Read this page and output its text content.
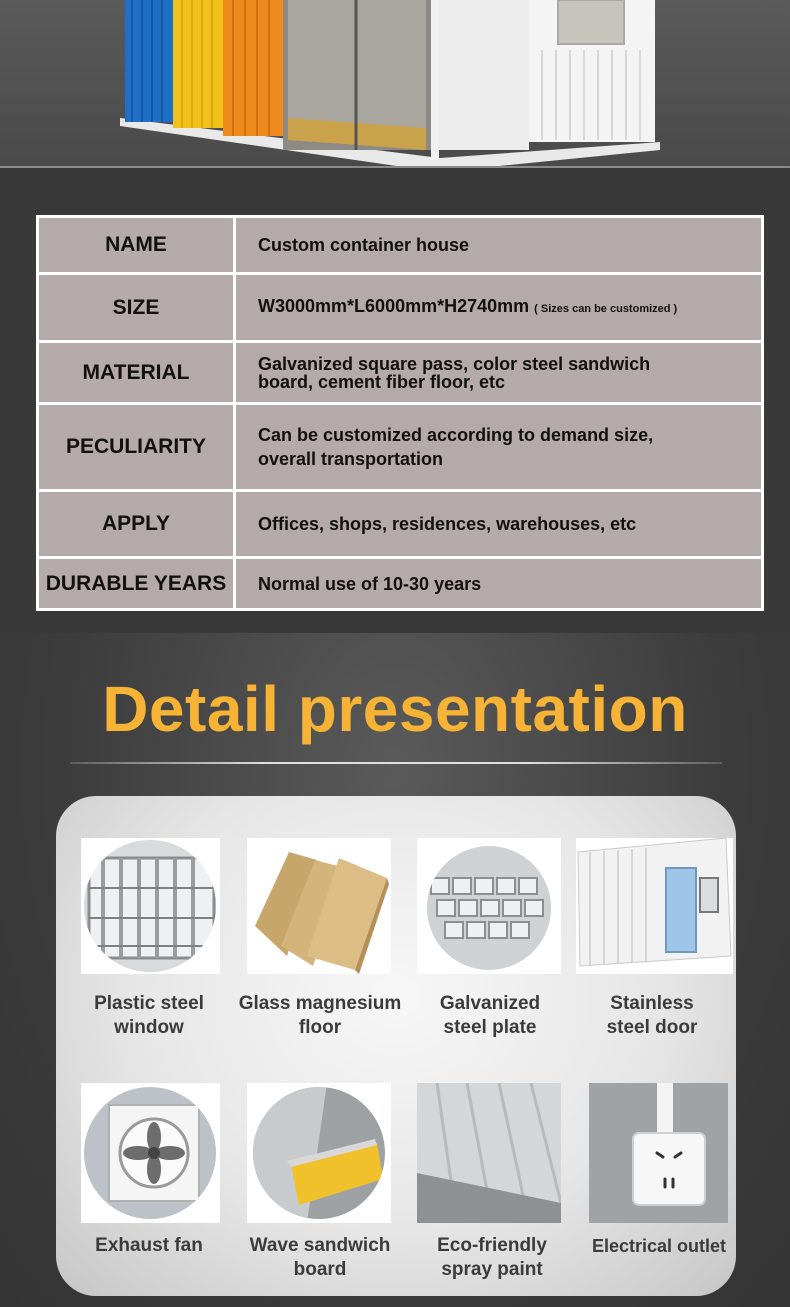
NAME	Custom container house
SIZE	W3000mm*L6000mm*H2740mm ( Sizes can be customized )
MATERIAL	Galvanized square pass, color steel sandwich
board, cement fiber floor, etc

PECULIARITY	Can be customized according to demand size,
overall transportation

APPLY	Offices, shops, residences, warehouses, etc
DURABLE YEARS	Normal use of 10-30 years
Detail presentation
Plastic steel
window
Glass magnesium
floor
Galvanized
steel plate
Stainless
steel door
Exhaust fan	Wave sandwich
board
Eco-friendly
spray paint
Electrical outlet
